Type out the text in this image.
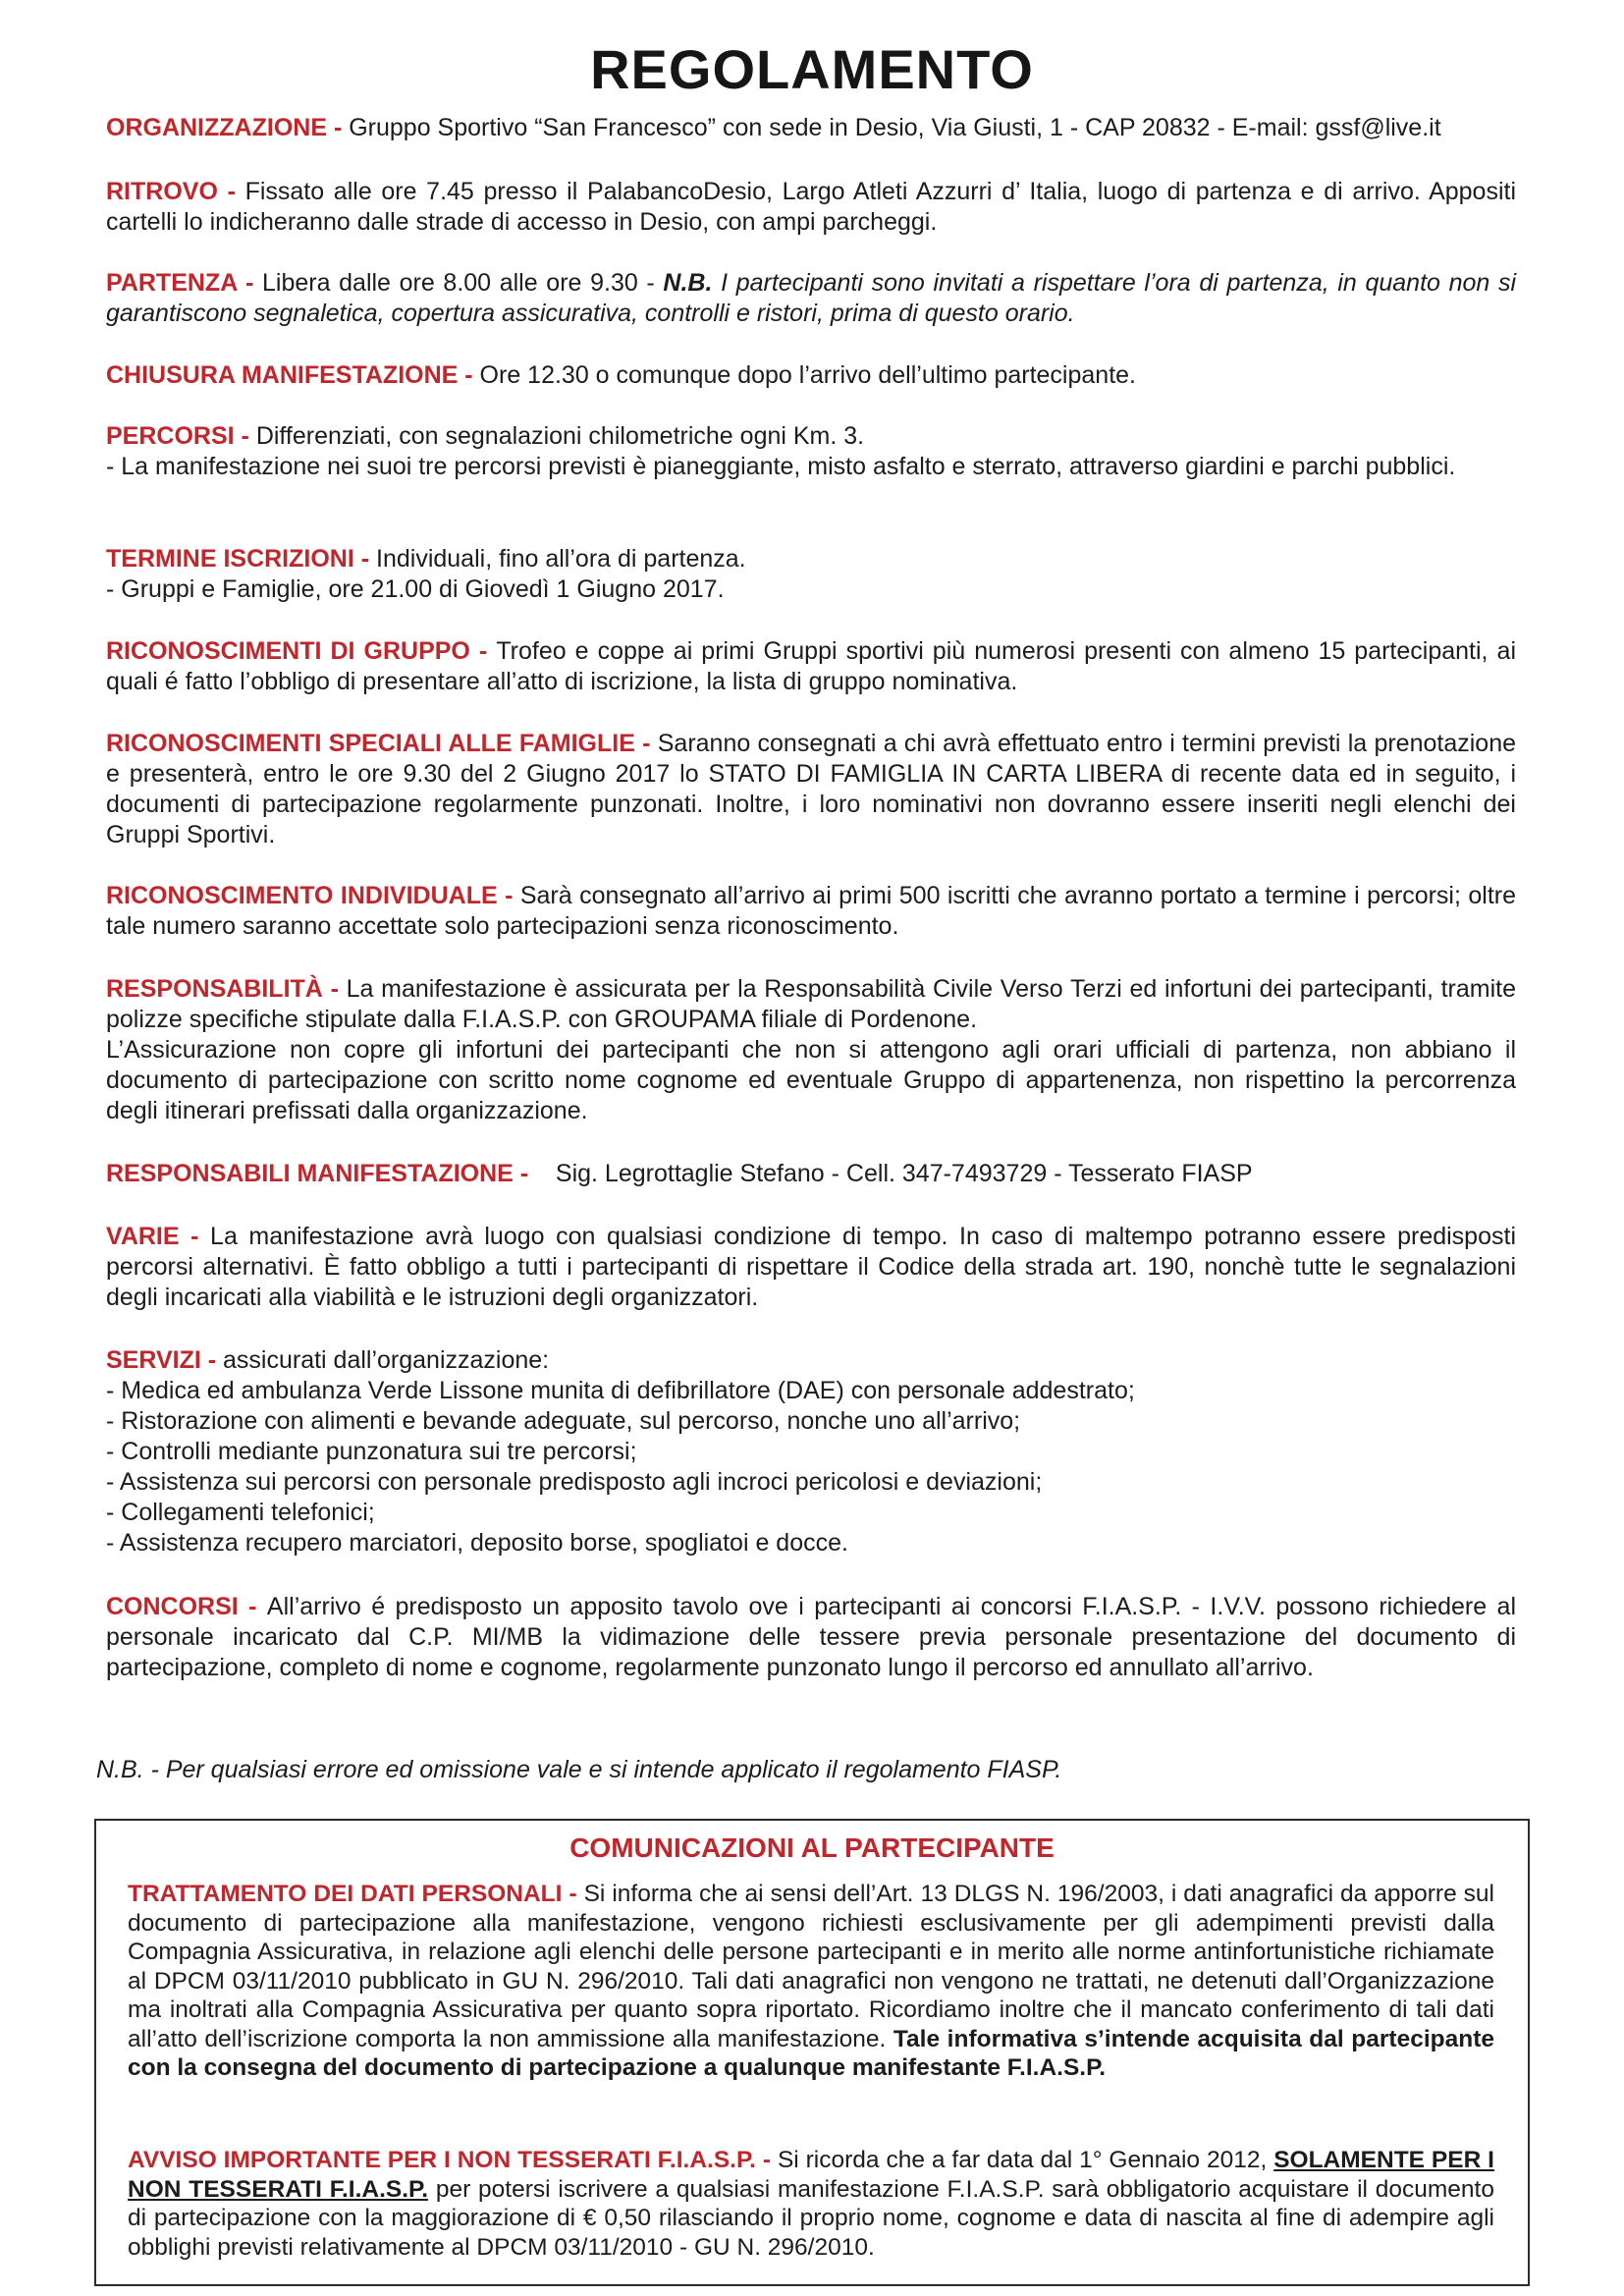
REGOLAMENTO
ORGANIZZAZIONE - Gruppo Sportivo “San Francesco” con sede in Desio, Via Giusti, 1 - CAP 20832 - E-mail: gssf@live.it
RITROVO - Fissato alle ore 7.45 presso il PalabancoDesio, Largo Atleti Azzurri d’ Italia, luogo di partenza e di arrivo. Appositi cartelli lo indicheranno dalle strade di accesso in Desio, con ampi parcheggi.
PARTENZA - Libera dalle ore 8.00 alle ore 9.30 - N.B. I partecipanti sono invitati a rispettare l’ora di partenza, in quanto non si garantiscono segnaletica, copertura assicurativa, controlli e ristori, prima di questo orario.
CHIUSURA MANIFESTAZIONE - Ore 12.30 o comunque dopo l’arrivo dell’ultimo partecipante.

PERCORSI - Differenziati, con segnalazioni chilometriche ogni Km. 3.

- La manifestazione nei suoi tre percorsi previsti è pianeggiante, misto asfalto e sterrato, attraverso giardini e parchi pubblici.

TERMINE ISCRIZIONI - Individuali, fino all’ora di partenza.

- Gruppi e Famiglie, ore 21.00 di Giovedì 1 Giugno 2017.

RICONOSCIMENTI DI GRUPPO - Trofeo e coppe ai primi Gruppi sportivi più numerosi presenti con almeno 15 partecipanti, ai quali é fatto l’obbligo di presentare all’atto di iscrizione, la lista di gruppo nominativa.
RICONOSCIMENTI SPECIALI ALLE FAMIGLIE - Saranno consegnati a chi avrà effettuato entro i termini previsti la prenotazione e presenterà, entro le ore 9.30 del 2 Giugno 2017 lo STATO DI FAMIGLIA IN CARTA LIBERA di recente data ed in seguito, i documenti di partecipazione regolarmente punzonati. Inoltre, i loro nominativi non dovranno essere inseriti negli elenchi dei Gruppi Sportivi.
RICONOSCIMENTO INDIVIDUALE - Sarà consegnato all’arrivo ai primi 500 iscritti che avranno portato a termine i percorsi; oltre tale numero saranno accettate solo partecipazioni senza riconoscimento.

RESPONSABILITÀ - La manifestazione è assicurata per la Responsabilità Civile Verso Terzi ed infortuni dei partecipanti, tramite polizze specifiche stipulate dalla F.I.A.S.P. con GROUPAMA filiale di Pordenone.

L’Assicurazione non copre gli infortuni dei partecipanti che non si attengono agli orari ufficiali di partenza, non abbiano il documento di partecipazione con scritto nome cognome ed eventuale Gruppo di appartenenza, non rispettino la percorrenza degli itinerari prefissati dalla organizzazione.

RESPONSABILI MANIFESTAZIONE -    Sig. Legrottaglie Stefano - Cell. 347-7493729 - Tesserato FIASP
VARIE - La manifestazione avrà luogo con qualsiasi condizione di tempo. In caso di maltempo potranno essere predisposti percorsi alternativi. È fatto obbligo a tutti i partecipanti di rispettare il Codice della strada art. 190, nonchè tutte le segnalazioni degli incaricati alla viabilità e le istruzioni degli organizzatori.

SERVIZI - assicurati dall’organizzazione:

- Medica ed ambulanza Verde Lissone munita di defibrillatore (DAE) con personale addestrato;
- Ristorazione con alimenti e bevande adeguate, sul percorso, nonche uno all’arrivo;
- Controlli mediante punzonatura sui tre percorsi;
- Assistenza sui percorsi con personale predisposto agli incroci pericolosi e deviazioni;
- Collegamenti telefonici;
- Assistenza recupero marciatori, deposito borse, spogliatoi e docce.
CONCORSI - All’arrivo é predisposto un apposito tavolo ove i partecipanti ai concorsi F.I.A.S.P. - I.V.V. possono richiedere al personale incaricato dal C.P. MI/MB la vidimazione delle tessere previa personale presentazione del documento di partecipazione, completo di nome e cognome, regolarmente punzonato lungo il percorso ed annullato all’arrivo.

N.B. - Per qualsiasi errore ed omissione vale e si intende applicato il regolamento FIASP.

COMUNICAZIONI AL PARTECIPANTE

TRATTAMENTO DEI DATI PERSONALI - Si informa che ai sensi dell’Art. 13 DLGS N. 196/2003, i dati anagrafici da apporre sul documento di partecipazione alla manifestazione, vengono richiesti esclusivamente per gli adempimenti previsti dalla Compagnia Assicurativa, in relazione agli elenchi delle persone partecipanti e in merito alle norme antinfortunistiche richiamate al DPCM 03/11/2010 pubblicato in GU N. 296/2010. Tali dati anagrafici non vengono ne trattati, ne detenuti dall’Organizzazione ma inoltrati alla Compagnia Assicurativa per quanto sopra riportato. Ricordiamo inoltre che il mancato conferimento di tali dati all’atto dell’iscrizione comporta la non ammissione alla manifestazione. Tale informativa s’intende acquisita dal partecipante con la consegna del documento di partecipazione a qualunque manifestante F.I.A.S.P.
AVVISO IMPORTANTE PER I NON TESSERATI F.I.A.S.P. - Si ricorda che a far data dal 1° Gennaio 2012, SOLAMENTE PER I NON TESSERATI F.I.A.S.P. per potersi iscrivere a qualsiasi manifestazione F.I.A.S.P. sarà obbligatorio acquistare il documento di partecipazione con la maggiorazione di € 0,50 rilasciando il proprio nome, cognome e data di nascita al fine di adempire agli obblighi previsti relativamente al DPCM 03/11/2010 - GU N. 296/2010.
